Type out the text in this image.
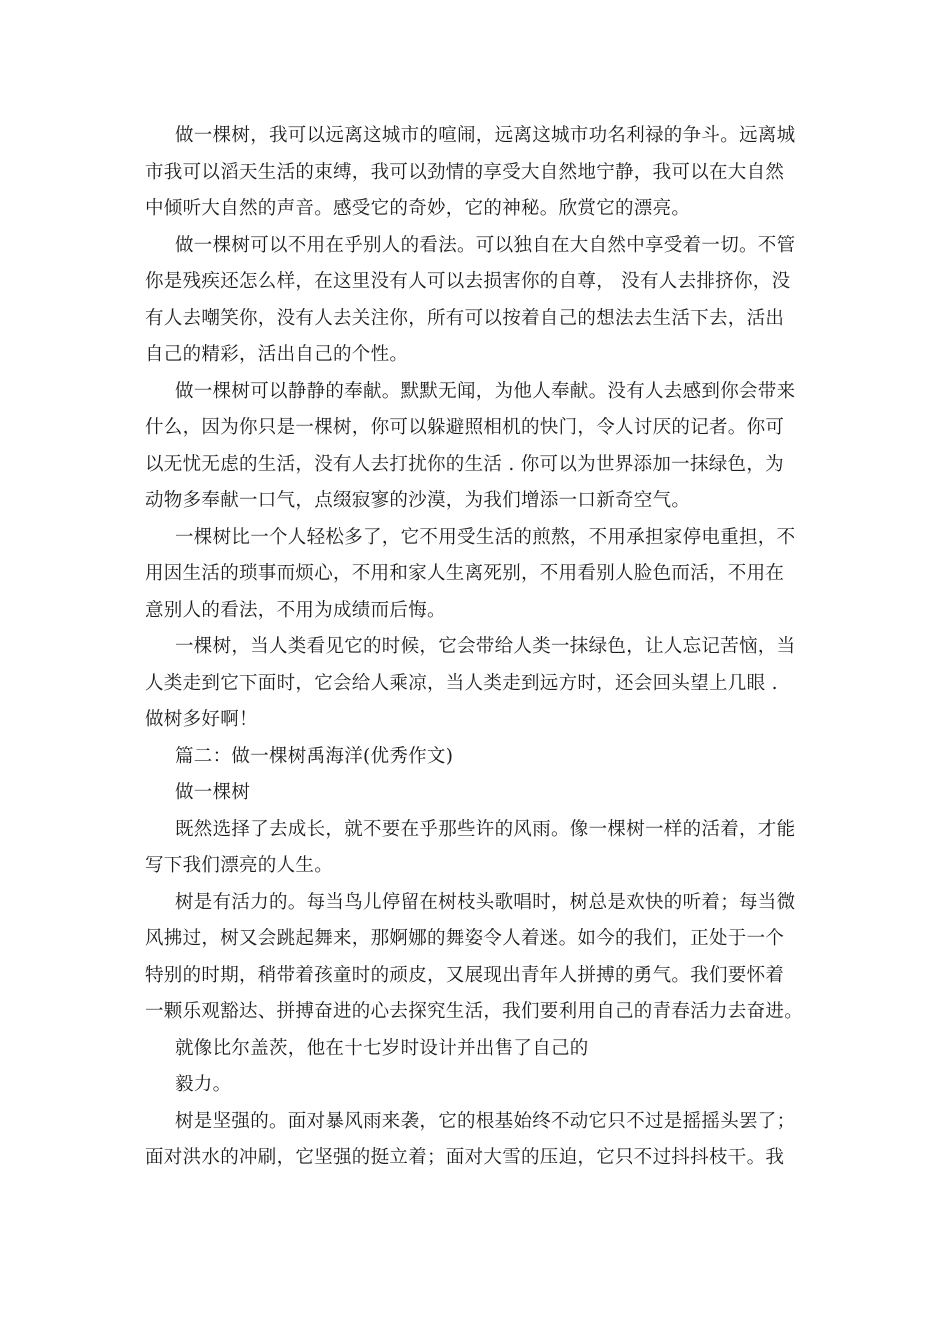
做一棵树，我可以远离这城市的喧闹，远离这城市功名利禄的争斗。远离城
市我可以滔天生活的束缚，我可以劲情的享受大自然地宁静，我可以在大自然
中倾听大自然的声音。感受它的奇妙，它的神秘。欣赏它的漂亮。
做一棵树可以不用在乎别人的看法。可以独自在大自然中享受着一切。不管
你是残疾还怎么样，在这里没有人可以去损害你的自尊， 没有人去排挤你，没
有人去嘲笑你，没有人去关注你，所有可以按着自己的想法去生活下去，活出
自己的精彩，活出自己的个性。
做一棵树可以静静的奉献。默默无闻，为他人奉献。没有人去感到你会带来
什么，因为你只是一棵树，你可以躲避照相机的快门，令人讨厌的记者。你可
以无忧无虑的生活，没有人去打扰你的生活 . 你可以为世界添加一抹绿色，为
动物多奉献一口气，点缀寂寥的沙漠，为我们增添一口新奇空气。
一棵树比一个人轻松多了，它不用受生活的煎熬，不用承担家停电重担，不
用因生活的琐事而烦心，不用和家人生离死别，不用看别人脸色而活，不用在
意别人的看法，不用为成绩而后悔。
一棵树，当人类看见它的时候，它会带给人类一抹绿色，让人忘记苦恼，当
人类走到它下面时，它会给人乘凉，当人类走到远方时，还会回头望上几眼 .
做树多好啊！
篇二：做一棵树禹海洋(优秀作文)
做一棵树
既然选择了去成长，就不要在乎那些许的风雨。像一棵树一样的活着，才能
写下我们漂亮的人生。
树是有活力的。每当鸟儿停留在树枝头歌唱时，树总是欢快的听着；每当微
风拂过，树又会跳起舞来，那婀娜的舞姿令人着迷。如今的我们，正处于一个
特别的时期，稍带着孩童时的顽皮，又展现出青年人拼搏的勇气。我们要怀着
一颗乐观豁达、拼搏奋进的心去探究生活，我们要利用自己的青春活力去奋进。
就像比尔盖茨，他在十七岁时设计并出售了自己的
毅力。
树是坚强的。面对暴风雨来袭，它的根基始终不动它只不过是摇摇头罢了；
面对洪水的冲刷，它坚强的挺立着；面对大雪的压迫，它只不过抖抖枝干。我
